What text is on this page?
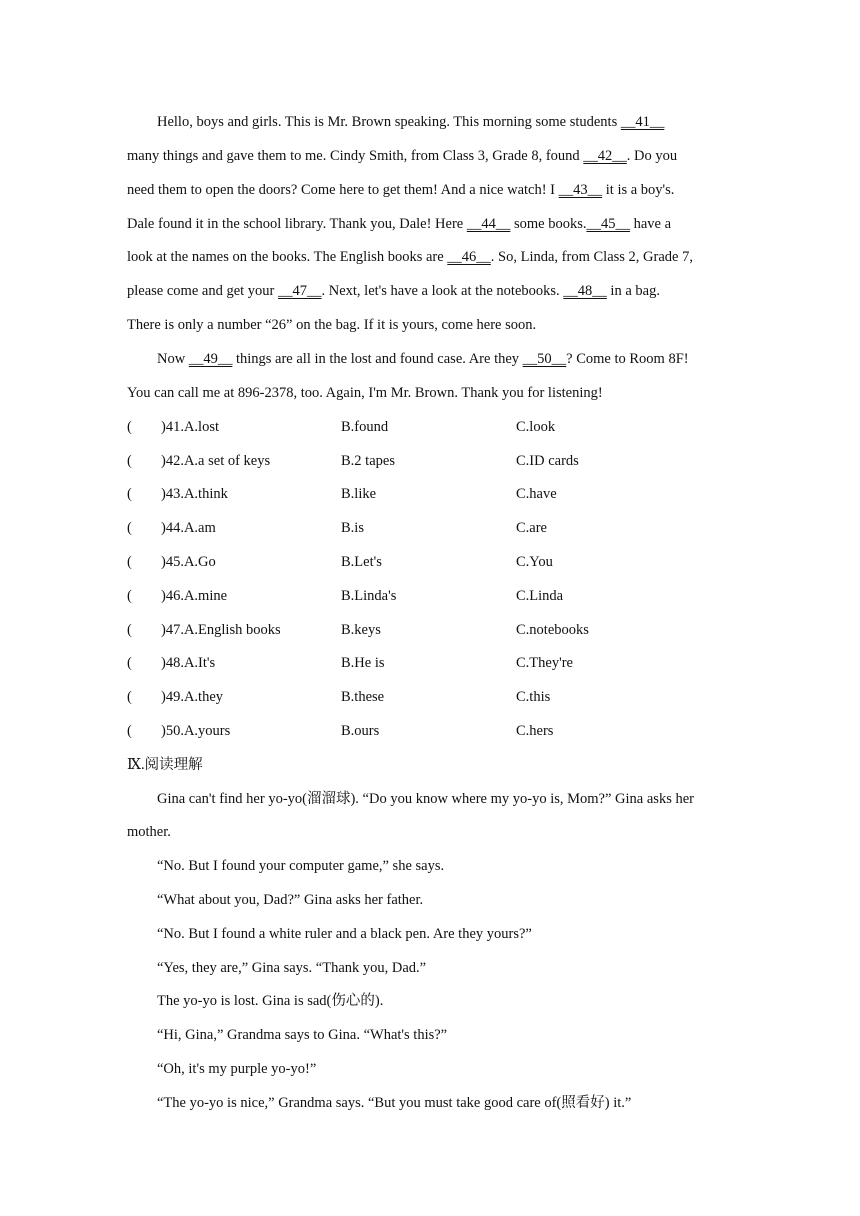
Hello, boys and girls. This is Mr. Brown speaking. This morning some students __41__
many things and gave them to me. Cindy Smith, from Class 3, Grade 8, found __42__. Do you
need them to open the doors? Come here to get them! And a nice watch! I __43__ it is a boy's.
Dale found it in the school library. Thank you, Dale! Here __44__ some books.__45__ have a
look at the names on the books. The English books are __46__. So, Linda, from Class 2, Grade 7,
please come and get your __47__. Next, let's have a look at the notebooks. __48__ in a bag.
There is only a number “26” on the bag. If it is yours, come here soon.
Now __49__ things are all in the lost and found case. Are they __50__? Come to Room 8F!
You can call me at 896-2378, too. Again, I'm Mr. Brown. Thank you for listening!
( )41.A.lost	B.found	C.look
( )42.A.a set of keys	B.2 tapes	C.ID cards
( )43.A.think	B.like	C.have
( )44.A.am	B.is	C.are
( )45.A.Go	B.Let's	C.You
( )46.A.mine	B.Linda's	C.Linda
( )47.A.English books	B.keys	C.notebooks
( )48.A.It's	B.He is	C.They're
( )49.A.they	B.these	C.this
( )50.A.yours	B.ours	C.hers
Ⅸ.阅读理解
Gina can't find her yo-yo(溜溜球). “Do you know where my yo-yo is, Mom?” Gina asks her
mother.
“No. But I found your computer game,” she says.
“What about you, Dad?” Gina asks her father.
“No. But I found a white ruler and a black pen. Are they yours?”
“Yes, they are,” Gina says. “Thank you, Dad.”
The yo-yo is lost. Gina is sad(伤心的).
“Hi, Gina,” Grandma says to Gina. “What's this?”
“Oh, it's my purple yo-yo!”
“The yo-yo is nice,” Grandma says. “But you must take good care of(照看好) it.”
